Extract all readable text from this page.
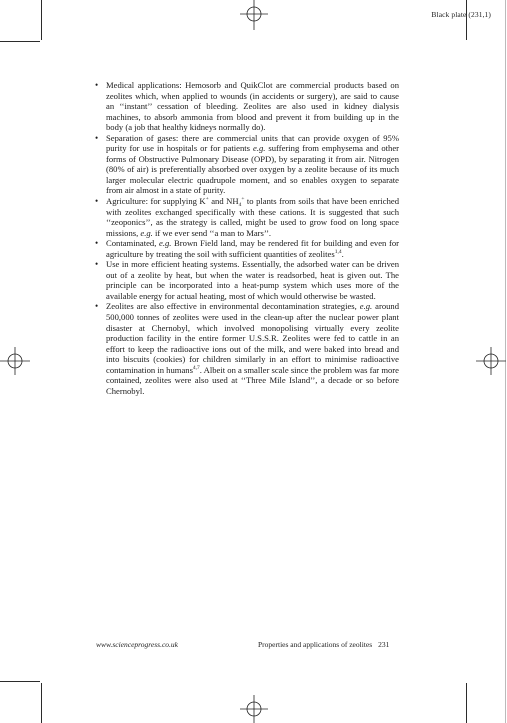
Black plate (231,1)
• Medical applications: Hemosorb and QuikClot are commercial products based on zeolites which, when applied to wounds (in accidents or surgery), are said to cause an ‘‘instant’’ cessation of bleeding. Zeolites are also used in kidney dialysis machines, to absorb ammonia from blood and prevent it from building up in the body (a job that healthy kidneys normally do).
• Separation of gases: there are commercial units that can provide oxygen of 95% purity for use in hospitals or for patients e.g. suffering from emphysema and other forms of Obstructive Pulmonary Disease (OPD), by separating it from air. Nitrogen (80% of air) is preferentially absorbed over oxygen by a zeolite because of its much larger molecular electric quadrupole moment, and so enables oxygen to separate from air almost in a state of purity.
• Agriculture: for supplying K+ and $NH_4^+$ to plants from soils that have been enriched with zeolites exchanged specifically with these cations. It is suggested that such ‘‘zeoponics’’, as the strategy is called, might be used to grow food on long space missions, e.g. if we ever send ‘‘a man to Mars’’.
• Contaminated, e.g. Brown Field land, may be rendered fit for building and even for agriculture by treating the soil with sufficient quantities of zeolites$^{1,4}$.
• Use in more efficient heating systems. Essentially, the adsorbed water can be driven out of a zeolite by heat, but when the water is readsorbed, heat is given out. The principle can be incorporated into a heat-pump system which uses more of the available energy for actual heating, most of which would otherwise be wasted.
• Zeolites are also effective in environmental decontamination strategies, e.g. around 500,000 tonnes of zeolites were used in the clean-up after the nuclear power plant disaster at Chernobyl, which involved monopolising virtually every zeolite production facility in the entire former U.S.S.R. Zeolites were fed to cattle in an effort to keep the radioactive ions out of the milk, and were baked into bread and into biscuits (cookies) for children similarly in an effort to minimise radioactive contamination in humans$^{4,7}$. Albeit on a smaller scale since the problem was far more contained, zeolites were also used at ‘‘Three Mile Island’’, a decade or so before Chernobyl.
www.scienceprogress.co.uk	Properties and applications of zeolites 231
